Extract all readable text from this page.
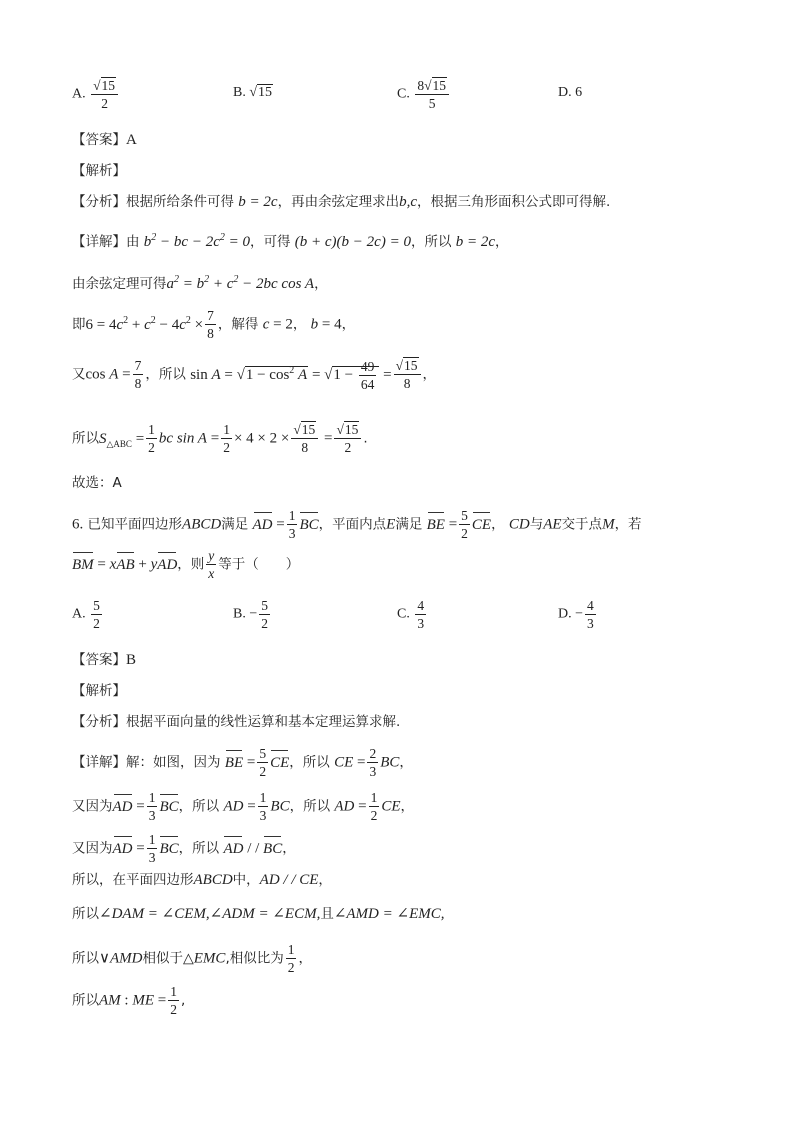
A. $\frac{√15}{2}$	B. √15	C. $\frac{8√15}{5}$	D. 6
【答案】A
【解析】
【分析】根据所给条件可得 b = 2c，再由余弦定理求出b,c，根据三角形面积公式即可得解.
【详解】由 $b^2$ − bc − $2c^2 = 0$，可得 (b + c)(b − 2c) = 0，所以 b = 2c，
由余弦定理可得$a^2 = b^2 + c^2 - 2bc$ cos A，
即$6 = 4c^2 + c^2 - 4c^2 \times \frac{7}{8}$ ，解得 c = 2， b = 4，
又$\cos A = \frac{7}{8}$ ，所以 $\sin A = √1 - \cos^2 A = √1 - \frac{49}{64} = \frac{√15}{8}$ ，
所以$S_{\triangle ABC} = \frac{1}{2}$ bc $\sin A = \frac{1}{2} \times 4 \times 2 \times \frac{√15}{8} = \frac{√15}{2}$ .
故选：A
6. 已知平面四边形ABCD满足 AD = $\frac{1}{3}$ BC，平面内点E满足 BE = $\frac{5}{2}$ CE， CD与AE交于点M，若
BM = xAB + yAD，则 $\frac{y}{x}$ 等于（　　）
A. $\frac{5}{2}$	B. − $\frac{5}{2}$	C. $\frac{4}{3}$	D. − $\frac{4}{3}$
【答案】B
【解析】
【分析】根据平面向量的线性运算和基本定理运算求解.
【详解】解：如图，因为 BE = $\frac{5}{2}$ CE，所以 CE = $\frac{2}{3}$ BC，
又因为AD = $\frac{1}{3}$ BC，所以 AD = $\frac{1}{3}$ BC，所以 AD = $\frac{1}{2}$ CE，
又因为AD = $\frac{1}{3}$ BC，所以 AD / / BC，
所以，在平面四边形ABCD中，AD / / CE，
所以∠DAM = ∠CEM,∠ADM = ∠ECM,且∠AMD = ∠EMC,
所以∨AMD相似于△EMC,相似比为 $\frac{1}{2}$ ，
所以AM : ME = $\frac{1}{2}$ ,
